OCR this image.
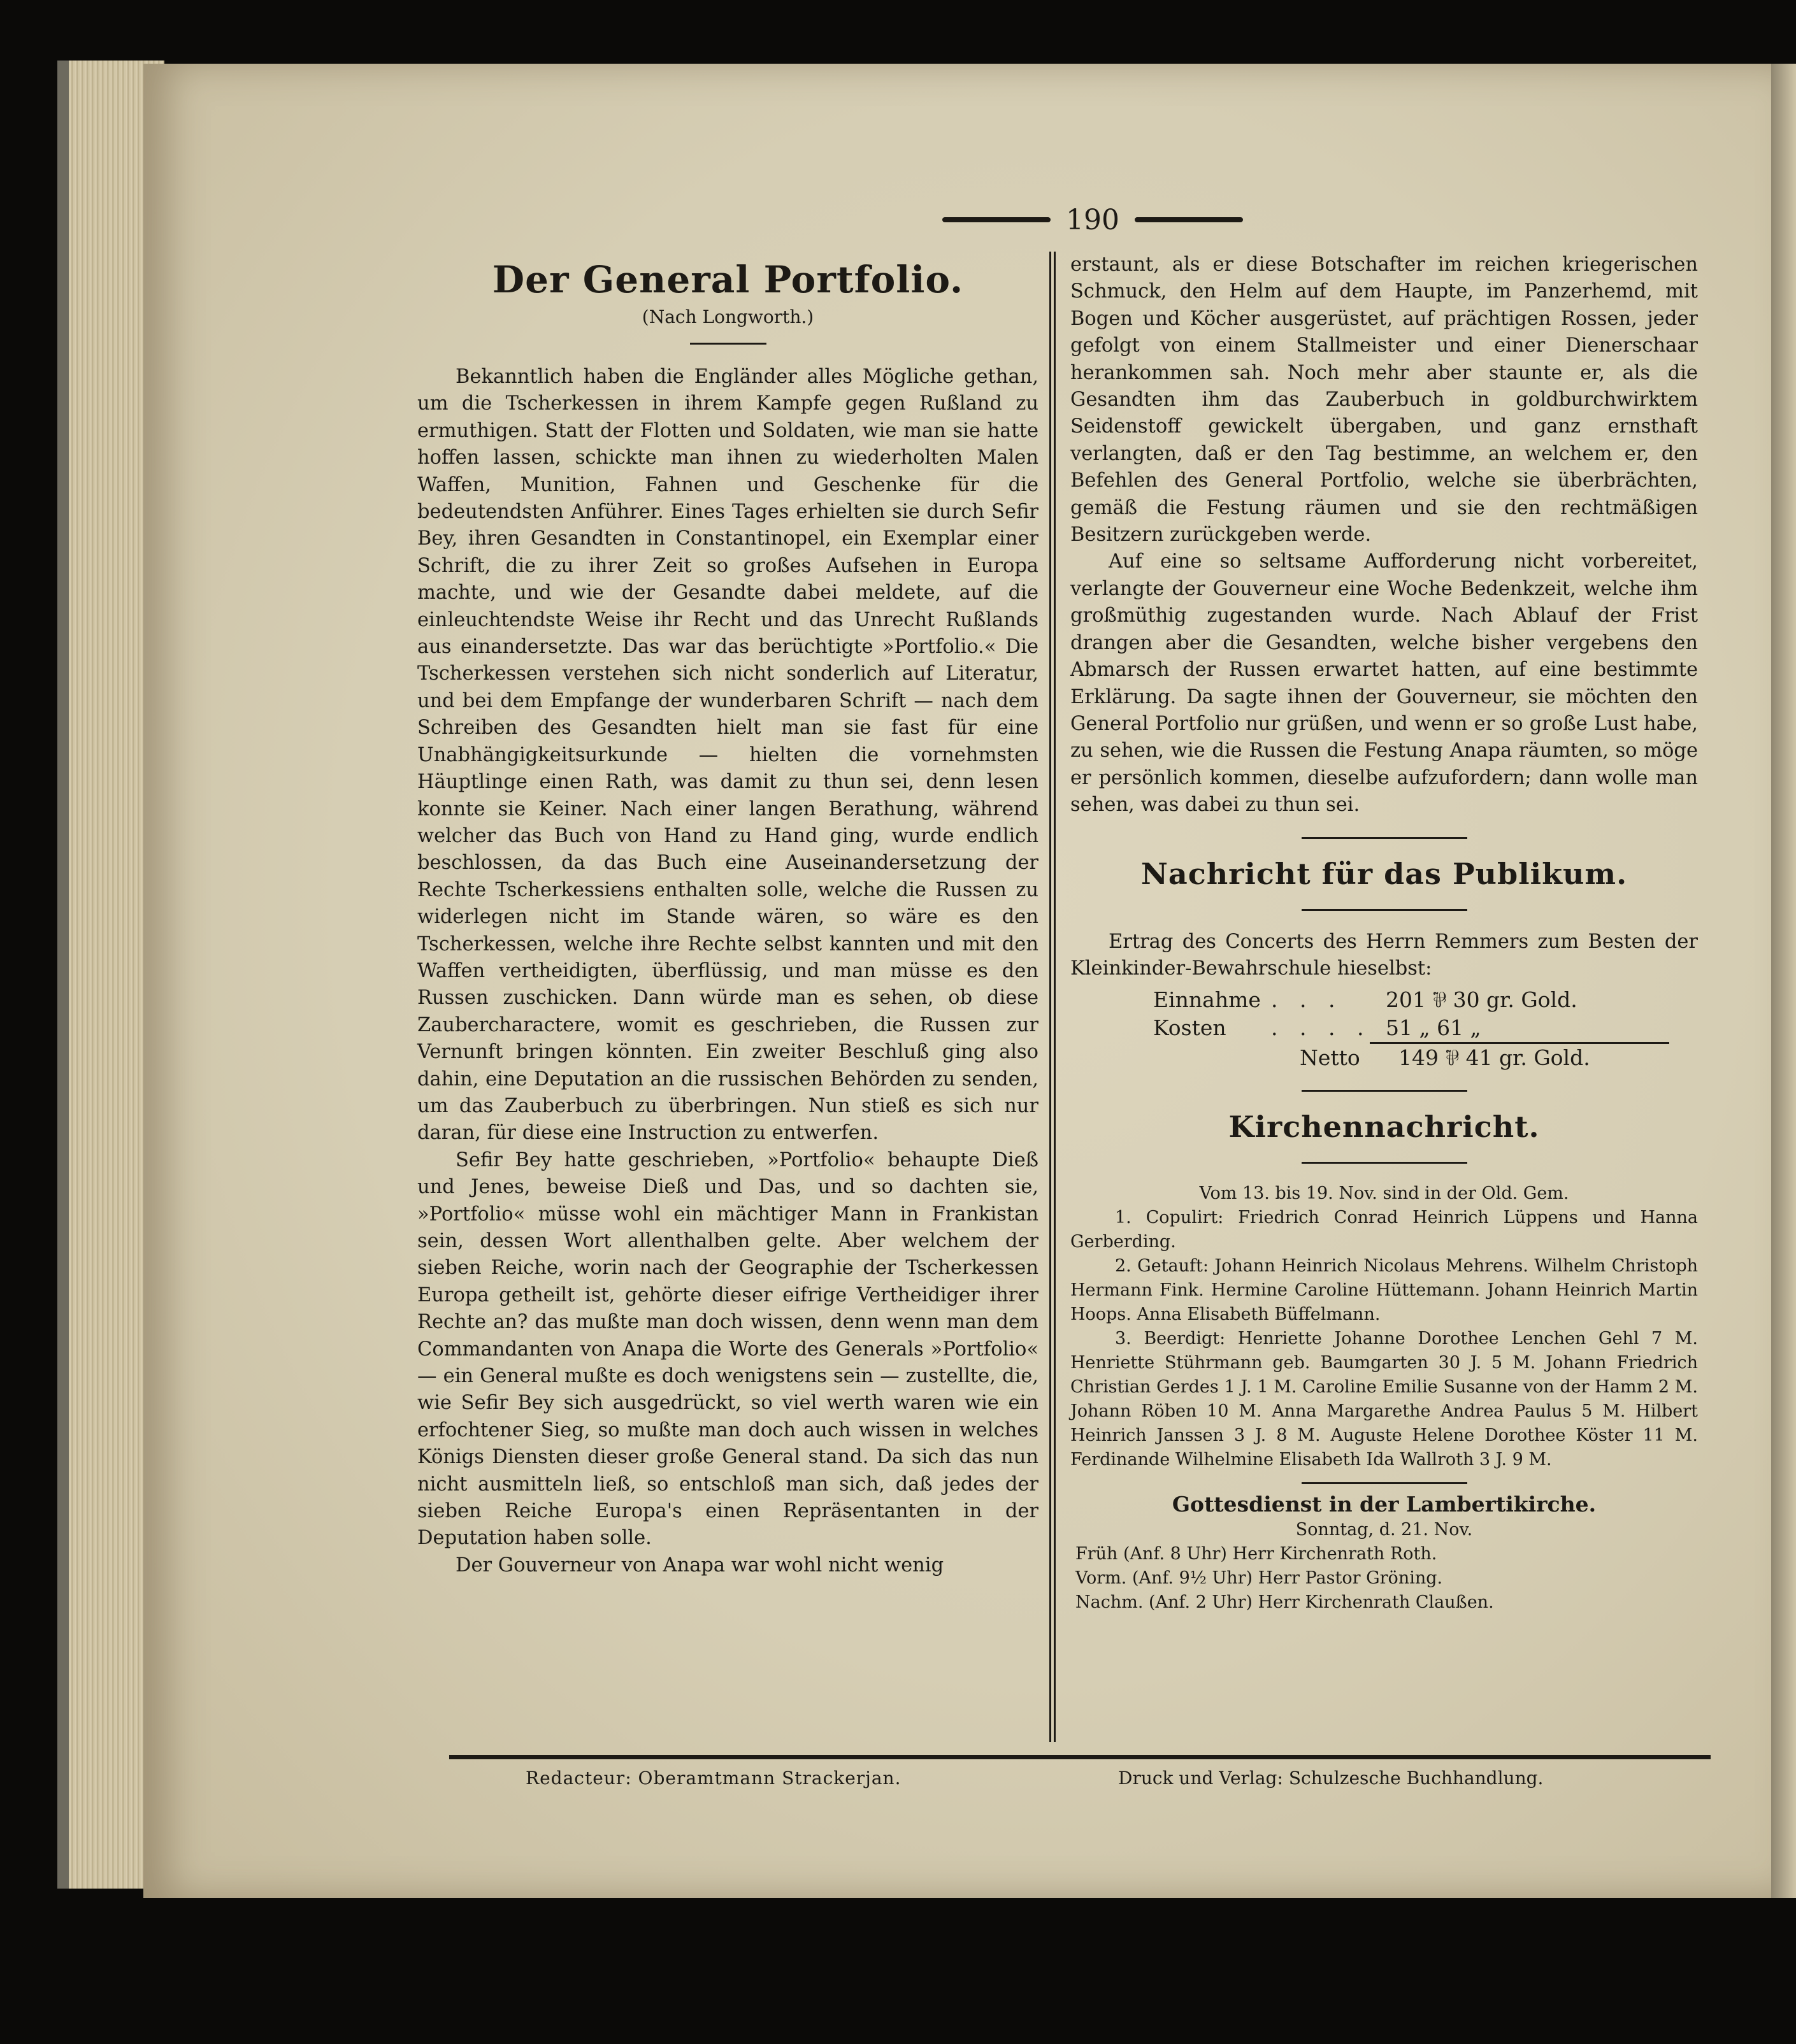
190
Der General Portfolio.

(Nach Longworth.)

Bekanntlich haben die Engländer alles Mögliche gethan, um die Tscherkessen in ihrem Kampfe gegen Rußland zu ermuthigen. Statt der Flotten und Soldaten, wie man sie hatte hoffen lassen, schickte man ihnen zu wiederholten Malen Waffen, Munition, Fahnen und Geschenke für die bedeutendsten Anführer. Eines Tages erhielten sie durch Sefir Bey, ihren Gesandten in Constantinopel, ein Exemplar einer Schrift, die zu ihrer Zeit so großes Aufsehen in Europa machte, und wie der Gesandte dabei meldete, auf die einleuchtendste Weise ihr Recht und das Unrecht Rußlands aus einandersetzte. Das war das berüchtigte »Portfolio.« Die Tscherkessen verstehen sich nicht sonderlich auf Literatur, und bei dem Empfange der wunderbaren Schrift — nach dem Schreiben des Gesandten hielt man sie fast für eine Unabhängigkeitsurkunde — hielten die vornehmsten Häuptlinge einen Rath, was damit zu thun sei, denn lesen konnte sie Keiner. Nach einer langen Berathung, während welcher das Buch von Hand zu Hand ging, wurde endlich beschlossen, da das Buch eine Auseinandersetzung der Rechte Tscherkessiens enthalten solle, welche die Russen zu widerlegen nicht im Stande wären, so wäre es den Tscherkessen, welche ihre Rechte selbst kannten und mit den Waffen vertheidigten, überflüssig, und man müsse es den Russen zuschicken. Dann würde man es sehen, ob diese Zaubercharactere, womit es geschrieben, die Russen zur Vernunft bringen könnten. Ein zweiter Beschluß ging also dahin, eine Deputation an die russischen Behörden zu senden, um das Zauberbuch zu überbringen. Nun stieß es sich nur daran, für diese eine Instruction zu entwerfen.

Sefir Bey hatte geschrieben, »Portfolio« behaupte Dieß und Jenes, beweise Dieß und Das, und so dachten sie, »Portfolio« müsse wohl ein mächtiger Mann in Frankistan sein, dessen Wort allenthalben gelte. Aber welchem der sieben Reiche, worin nach der Geographie der Tscherkessen Europa getheilt ist, gehörte dieser eifrige Vertheidiger ihrer Rechte an? das mußte man doch wissen, denn wenn man dem Commandanten von Anapa die Worte des Generals »Portfolio« — ein General mußte es doch wenigstens sein — zustellte, die, wie Sefir Bey sich ausgedrückt, so viel werth waren wie ein erfochtener Sieg, so mußte man doch auch wissen in welches Königs Diensten dieser große General stand. Da sich das nun nicht ausmitteln ließ, so entschloß man sich, daß jedes der sieben Reiche Europa's einen Repräsentanten in der Deputation haben solle.

Der Gouverneur von Anapa war wohl nicht wenig

erstaunt, als er diese Botschafter im reichen kriegerischen Schmuck, den Helm auf dem Haupte, im Panzerhemd, mit Bogen und Köcher ausgerüstet, auf prächtigen Rossen, jeder gefolgt von einem Stallmeister und einer Dienerschaar herankommen sah. Noch mehr aber staunte er, als die Gesandten ihm das Zauberbuch in goldburchwirktem Seidenstoff gewickelt übergaben, und ganz ernsthaft verlangten, daß er den Tag bestimme, an welchem er, den Befehlen des General Portfolio, welche sie überbrächten, gemäß die Festung räumen und sie den rechtmäßigen Besitzern zurückgeben werde.

Auf eine so seltsame Aufforderung nicht vorbereitet, verlangte der Gouverneur eine Woche Bedenkzeit, welche ihm großmüthig zugestanden wurde. Nach Ablauf der Frist drangen aber die Gesandten, welche bisher vergebens den Abmarsch der Russen erwartet hatten, auf eine bestimmte Erklärung. Da sagte ihnen der Gouverneur, sie möchten den General Portfolio nur grüßen, und wenn er so große Lust habe, zu sehen, wie die Russen die Festung Anapa räumten, so möge er persönlich kommen, dieselbe aufzufordern; dann wolle man sehen, was dabei zu thun sei.

Nachricht für das Publikum.

Ertrag des Concerts des Herrn Remmers zum Besten der Kleinkinder-Bewahrschule hieselbst:

Einnahme . . .	201 ⅌ 30 gr. Gold.
Kosten	. . . . 51 „ 61 „
Netto	149 ⅌ 41 gr. Gold.
Kirchennachricht.

Vom 13. bis 19. Nov. sind in der Old. Gem.

1. Copulirt: Friedrich Conrad Heinrich Lüppens und Hanna Gerberding.

2. Getauft: Johann Heinrich Nicolaus Mehrens. Wilhelm Christoph Hermann Fink. Hermine Caroline Hüttemann. Johann Heinrich Martin Hoops. Anna Elisabeth Büffelmann.

3. Beerdigt: Henriette Johanne Dorothee Lenchen Gehl 7 M. Henriette Stührmann geb. Baumgarten 30 J. 5 M. Johann Friedrich Christian Gerdes 1 J. 1 M. Caroline Emilie Susanne von der Hamm 2 M. Johann Röben 10 M. Anna Margarethe Andrea Paulus 5 M. Hilbert Heinrich Janssen 3 J. 8 M. Auguste Helene Dorothee Köster 11 M. Ferdinande Wilhelmine Elisabeth Ida Wallroth 3 J. 9 M.

Gottesdienst in der Lambertikirche.

Sonntag, d. 21. Nov.

Früh (Anf. 8 Uhr) Herr Kirchenrath Roth.

Vorm. (Anf. 9½ Uhr) Herr Pastor Gröning.

Nachm. (Anf. 2 Uhr) Herr Kirchenrath Claußen.

Redacteur: Oberamtmann Strackerjan.	Druck und Verlag: Schulzesche Buchhandlung.
